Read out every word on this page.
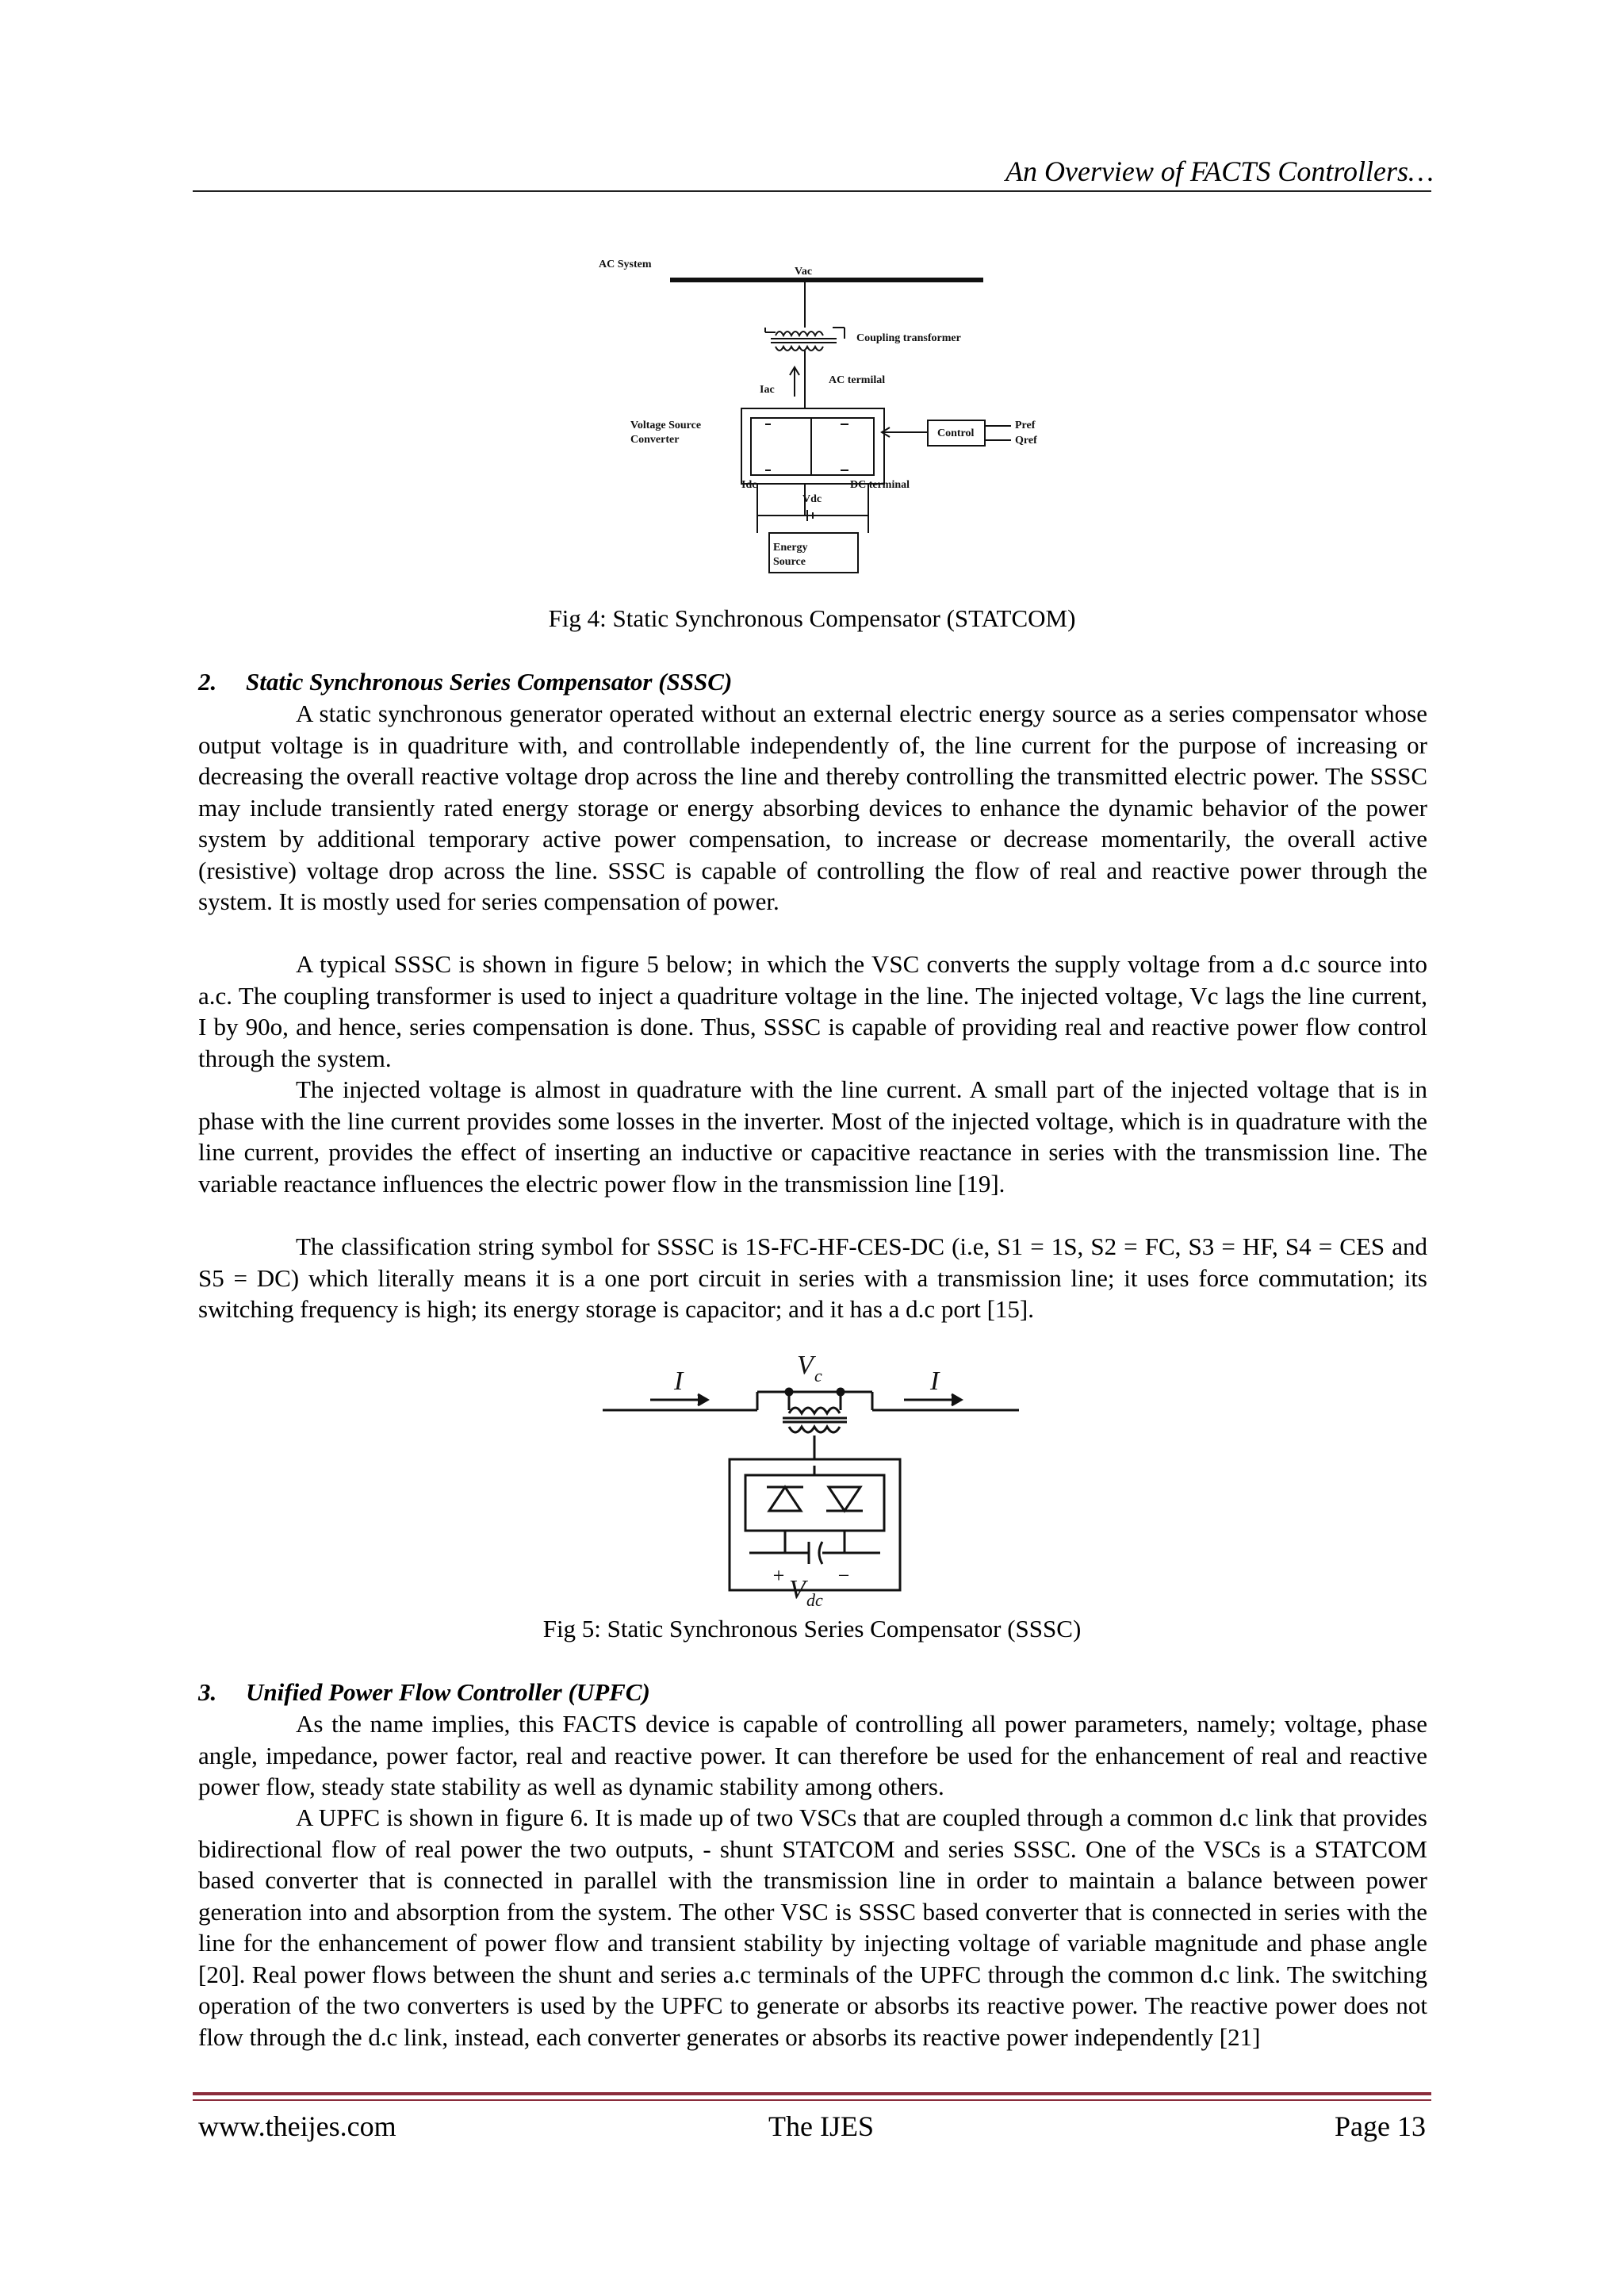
An Overview of FACTS Controllers…
AC System
Vac
Coupling transformer
Iac
AC termilal
Voltage Source
Converter
Control
Pref
Qref
Idc	DC terminal
Vdc
Energy
Source
Fig 4: Static Synchronous Compensator (STATCOM)
2. Static Synchronous Series Compensator (SSSC)

A static synchronous generator operated without an external electric energy source as a series compensator whose output voltage is in quadriture with, and controllable independently of, the line current for the purpose of increasing or decreasing the overall reactive voltage drop across the line and thereby controlling the transmitted electric power. The SSSC may include transiently rated energy storage or energy absorbing devices to enhance the dynamic behavior of the power system by additional temporary active power compensation, to increase or decrease momentarily, the overall active (resistive) voltage drop across the line. SSSC is capable of controlling the flow of real and reactive power through the system. It is mostly used for series compensation of power.

A typical SSSC is shown in figure 5 below; in which the VSC converts the supply voltage from a d.c source into a.c. The coupling transformer is used to inject a quadriture voltage in the line. The injected voltage, Vc lags the line current, I by 90o, and hence, series compensation is done. Thus, SSSC is capable of providing real and reactive power flow control through the system.

The injected voltage is almost in quadrature with the line current. A small part of the injected voltage that is in phase with the line current provides some losses in the inverter. Most of the injected voltage, which is in quadrature with the line current, provides the effect of inserting an inductive or capacitive reactance in series with the transmission line. The variable reactance influences the electric power flow in the transmission line [19].

The classification string symbol for SSSC is 1S-FC-HF-CES-DC (i.e, S1 = 1S, S2 = FC, S3 = HF, S4 = CES and S5 = DC) which literally means it is a one port circuit in series with a transmission line; it uses force commutation; its switching frequency is high; its energy storage is capacitor; and it has a d.c port [15].

I	I
V c
+ −
V dc
Fig 5: Static Synchronous Series Compensator (SSSC)
3. Unified Power Flow Controller (UPFC)

As the name implies, this FACTS device is capable of controlling all power parameters, namely; voltage, phase angle, impedance, power factor, real and reactive power. It can therefore be used for the enhancement of real and reactive power flow, steady state stability as well as dynamic stability among others.

A UPFC is shown in figure 6. It is made up of two VSCs that are coupled through a common d.c link that provides bidirectional flow of real power the two outputs, - shunt STATCOM and series SSSC. One of the VSCs is a STATCOM based converter that is connected in parallel with the transmission line in order to maintain a balance between power generation into and absorption from the system. The other VSC is SSSC based converter that is connected in series with the line for the enhancement of power flow and transient stability by injecting voltage of variable magnitude and phase angle [20]. Real power flows between the shunt and series a.c terminals of the UPFC through the common d.c link. The switching operation of the two converters is used by the UPFC to generate or absorbs its reactive power. The reactive power does not flow through the d.c link, instead, each converter generates or absorbs its reactive power independently [21]

www.theijes.com	The IJES	Page 13
